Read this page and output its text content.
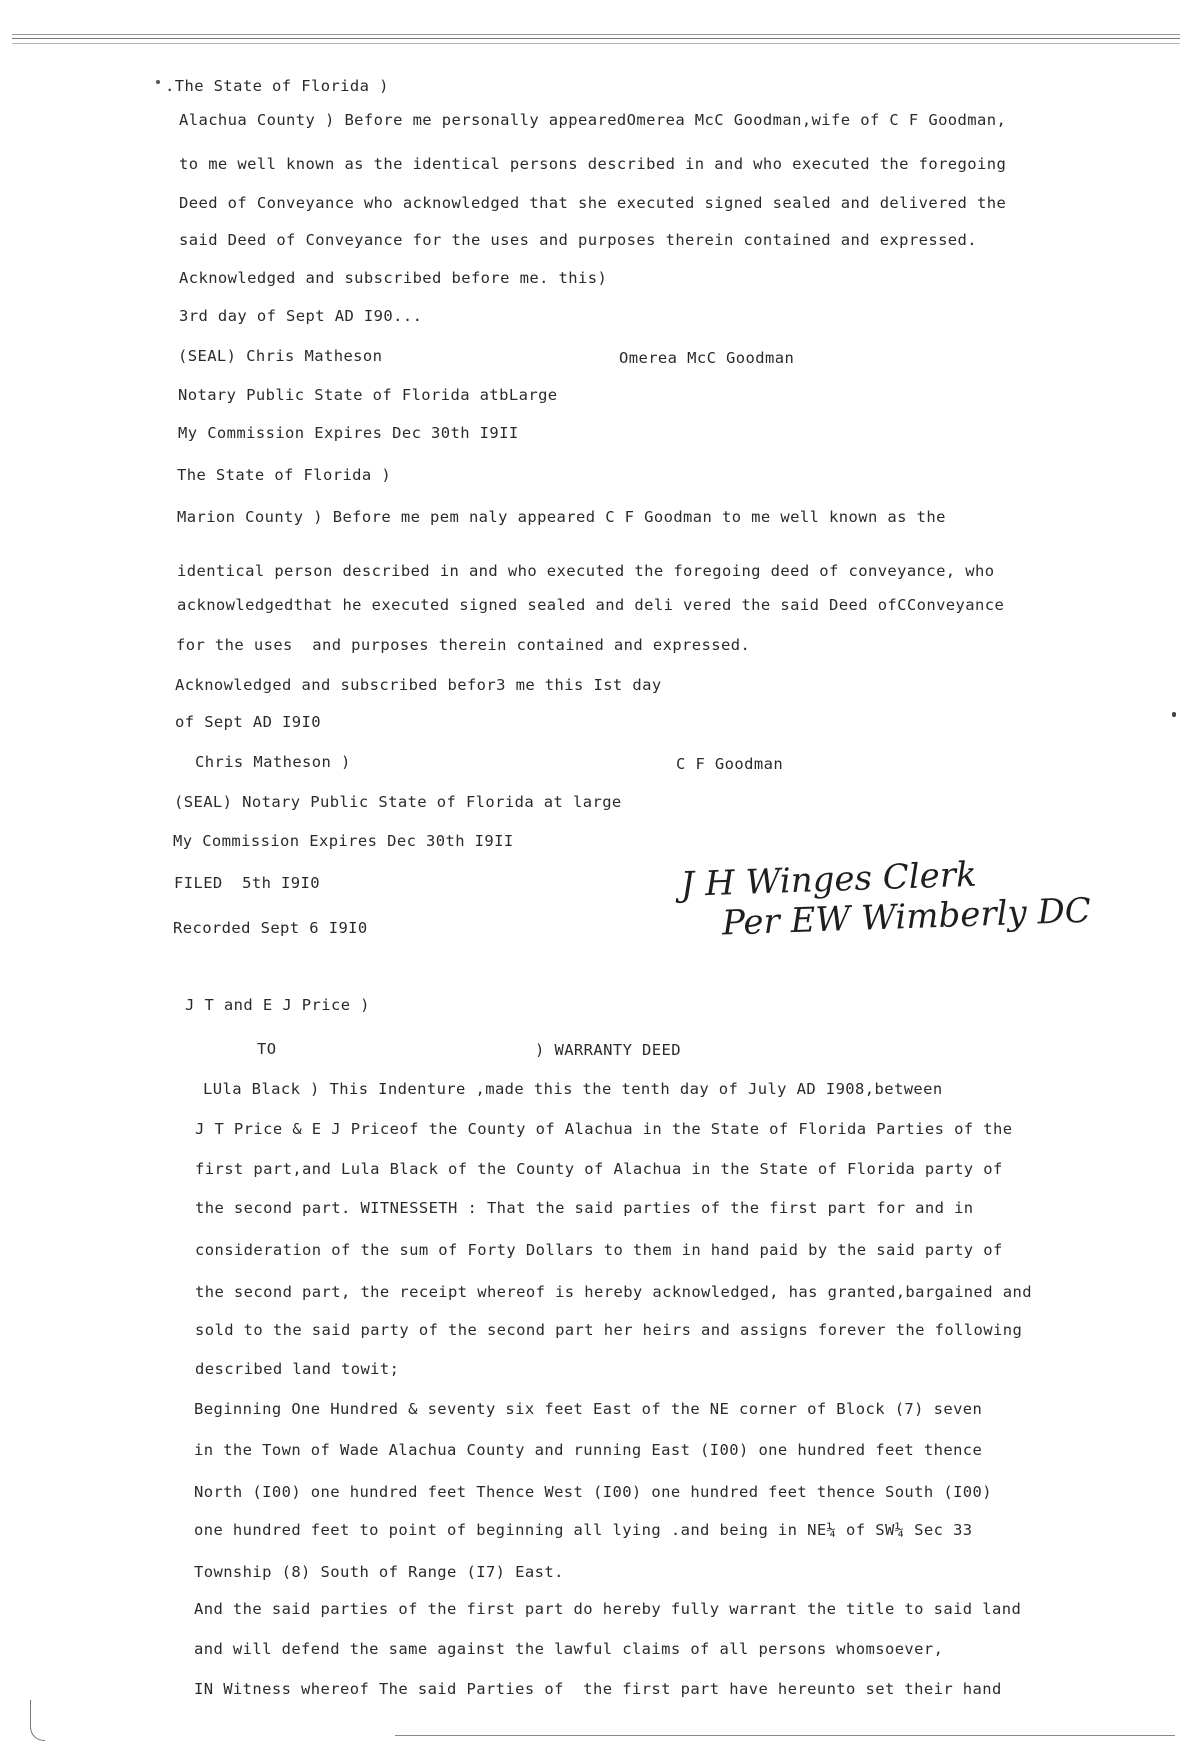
.The State of Florida )
Alachua County ) Before me personally appearedOmerea McC Goodman,wife of C F Goodman,
to me well known as the identical persons described in and who executed the foregoing
Deed of Conveyance who acknowledged that she executed signed sealed and delivered the
said Deed of Conveyance for the uses and purposes therein contained and expressed.
Acknowledged and subscribed before me. this)
3rd day of Sept AD I90...
(SEAL) Chris Matheson	Omerea McC Goodman
Notary Public State of Florida atbLarge
My Commission Expires Dec 30th I9II
The State of Florida )
Marion County ) Before me pem naly appeared C F Goodman to me well known as the
identical person described in and who executed the foregoing deed of conveyance, who
acknowledgedthat he executed signed sealed and deli vered the said Deed ofCConveyance
for the uses  and purposes therein contained and expressed.
Acknowledged and subscribed befor3 me this Ist day
of Sept AD I9I0
Chris Matheson )	C F Goodman
(SEAL) Notary Public State of Florida at large
My Commission Expires Dec 30th I9II
FILED  5th I9I0
Recorded Sept 6 I9I0
J H Winges Clerk
Per EW Wimberly DC
J T and E J Price )
TO	) WARRANTY DEED
LUla Black ) This Indenture ,made this the tenth day of July AD I908,between
J T Price & E J Priceof the County of Alachua in the State of Florida Parties of the
first part,and Lula Black of the County of Alachua in the State of Florida party of
the second part. WITNESSETH : That the said parties of the first part for and in
consideration of the sum of Forty Dollars to them in hand paid by the said party of
the second part, the receipt whereof is hereby acknowledged, has granted,bargained and
sold to the said party of the second part her heirs and assigns forever the following
described land towit;
Beginning One Hundred & seventy six feet East of the NE corner of Block (7) seven
in the Town of Wade Alachua County and running East (I00) one hundred feet thence
North (I00) one hundred feet Thence West (I00) one hundred feet thence South (I00)
one hundred feet to point of beginning all lying .and being in NE¼ of SW¼ Sec 33
Township (8) South of Range (I7) East.
And the said parties of the first part do hereby fully warrant the title to said land
and will defend the same against the lawful claims of all persons whomsoever,
IN Witness whereof The said Parties of  the first part have hereunto set their hand
